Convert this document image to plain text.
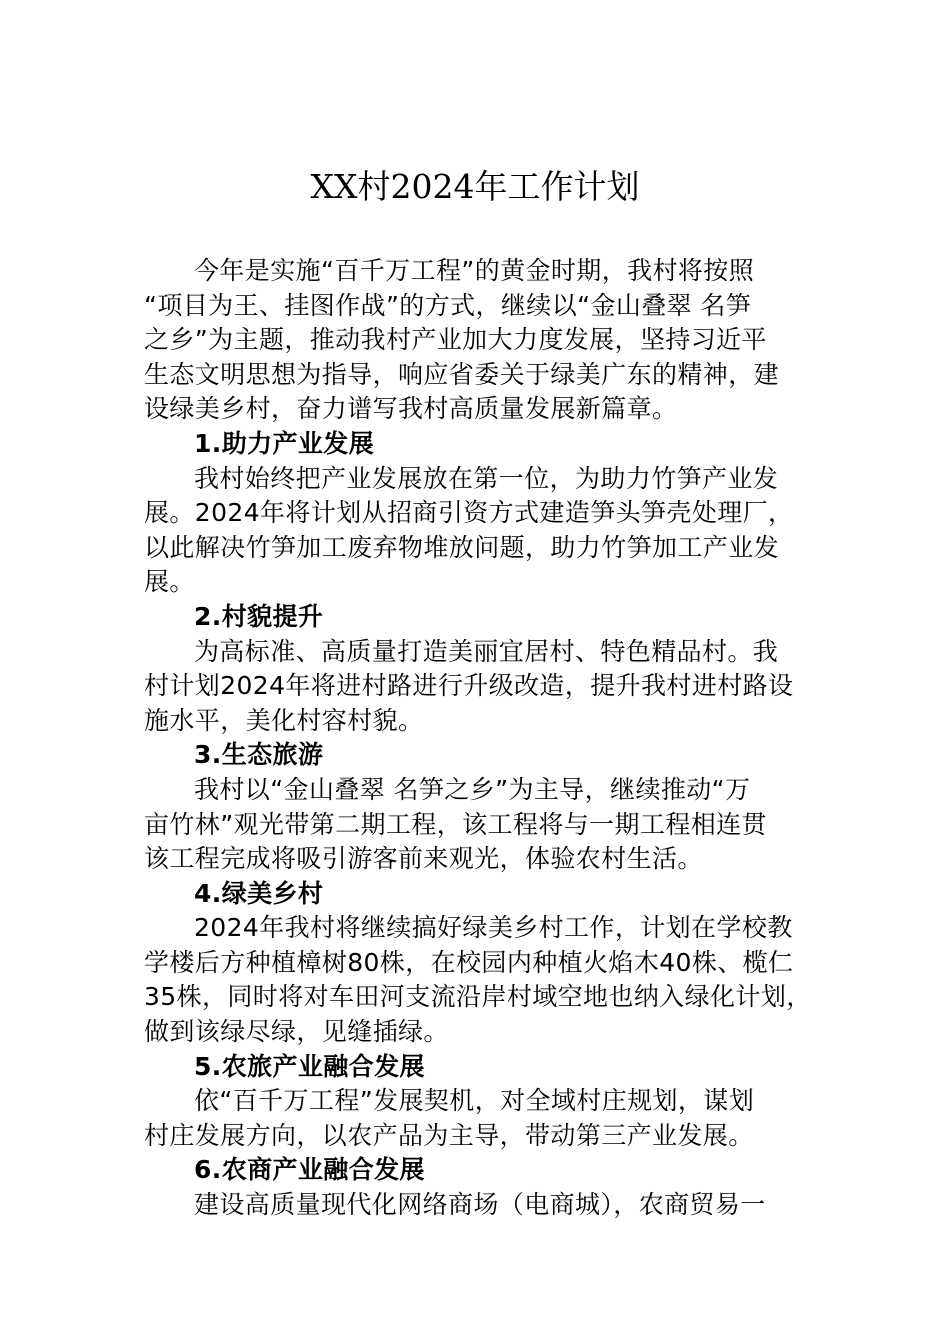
XX村2024年工作计划
今年是实施“百千万工程”的黄金时期，我村将按照
“项目为王、挂图作战”的方式，继续以“金山叠翠 名笋
之乡”为主题，推动我村产业加大力度发展，坚持习近平
生态文明思想为指导，响应省委关于绿美广东的精神，建
设绿美乡村，奋力谱写我村高质量发展新篇章。
1.助力产业发展
我村始终把产业发展放在第一位，为助力竹笋产业发
展。2024年将计划从招商引资方式建造笋头笋壳处理厂，
以此解决竹笋加工废弃物堆放问题，助力竹笋加工产业发
展。
2.村貌提升
为高标准、高质量打造美丽宜居村、特色精品村。我
村计划2024年将进村路进行升级改造，提升我村进村路设
施水平，美化村容村貌。
3.生态旅游
我村以“金山叠翠 名笋之乡”为主导，继续推动“万
亩竹林”观光带第二期工程，该工程将与一期工程相连贯
该工程完成将吸引游客前来观光，体验农村生活。
4.绿美乡村
2024年我村将继续搞好绿美乡村工作，计划在学校教
学楼后方种植樟树80株，在校园内种植火焰木40株、榄仁
35株，同时将对车田河支流沿岸村域空地也纳入绿化计划，
做到该绿尽绿，见缝插绿。
5.农旅产业融合发展
依“百千万工程”发展契机，对全域村庄规划，谋划
村庄发展方向，以农产品为主导，带动第三产业发展。
6.农商产业融合发展
建设高质量现代化网络商场（电商城），农商贸易一
